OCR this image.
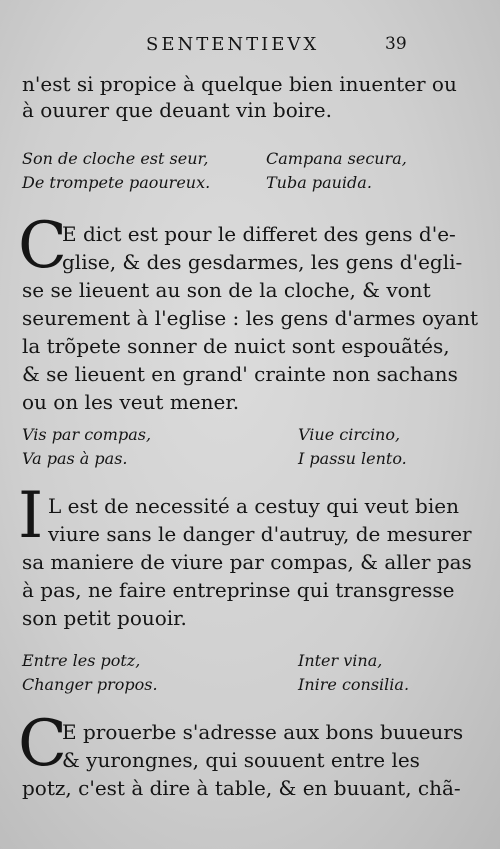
SENTENTIEVX	39
n'est si propice à quelque bien inuenter ou
à ouurer que deuant vin boire.
Son de cloche est seur,
De trompete paoureux.
Campana secura,
Tuba pauida.
C
E dict est pour le differet des gens d'e-
glise, & des gesdarmes, les gens d'egli-
se se lieuent au son de la cloche, & vont
seurement à l'eglise : les gens d'armes oyant
la trõpete sonner de nuict sont espouãtés,
& se lieuent en grand' crainte non sachans
ou on les veut mener.
Vis par compas,
Va pas à pas.
Viue circino,
I passu lento.
I L est de necessité a cestuy qui veut bien
viure sans le danger d'autruy, de mesurer
sa maniere de viure par compas, & aller pas
à pas, ne faire entreprinse qui transgresse
son petit pouoir.
Entre les potz,
Changer propos.
Inter vina,
Inire consilia.
C
E prouerbe s'adresse aux bons buueurs
& yurongnes, qui souuent entre les
potz, c'est à dire à table, & en buuant, chã-
